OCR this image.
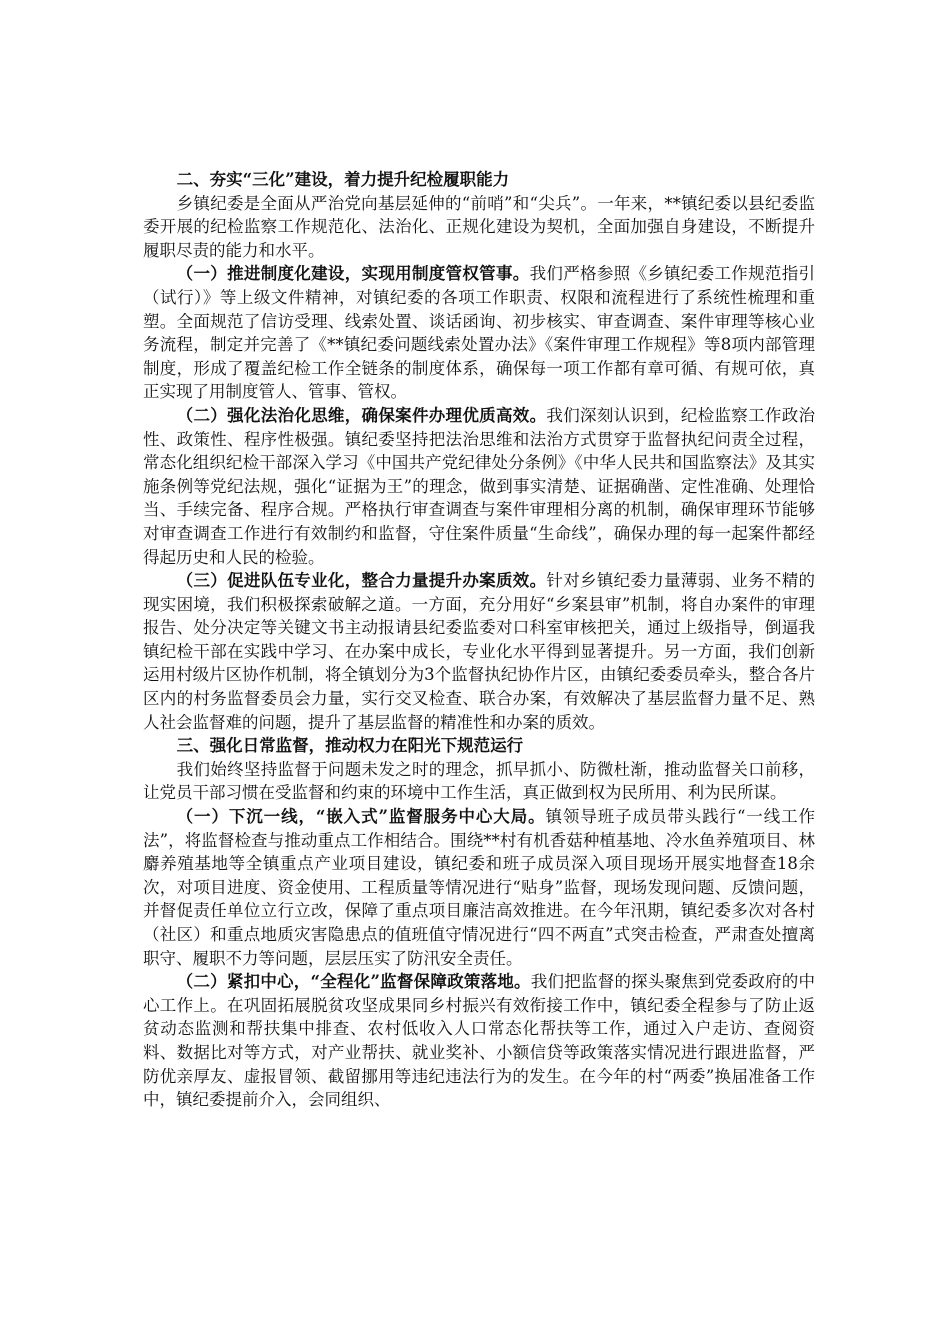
二、夯实“三化”建设，着力提升纪检履职能力

乡镇纪委是全面从严治党向基层延伸的“前哨”和“尖兵”。一年来，**镇纪委以县纪委监委开展的纪检监察工作规范化、法治化、正规化建设为契机，全面加强自身建设，不断提升履职尽责的能力和水平。

（一）推进制度化建设，实现用制度管权管事。我们严格参照《乡镇纪委工作规范指引（试行）》等上级文件精神，对镇纪委的各项工作职责、权限和流程进行了系统性梳理和重塑。全面规范了信访受理、线索处置、谈话函询、初步核实、审查调查、案件审理等核心业务流程，制定并完善了《**镇纪委问题线索处置办法》《案件审理工作规程》等8项内部管理制度，形成了覆盖纪检工作全链条的制度体系，确保每一项工作都有章可循、有规可依，真正实现了用制度管人、管事、管权。

（二）强化法治化思维，确保案件办理优质高效。我们深刻认识到，纪检监察工作政治性、政策性、程序性极强。镇纪委坚持把法治思维和法治方式贯穿于监督执纪问责全过程，常态化组织纪检干部深入学习《中国共产党纪律处分条例》《中华人民共和国监察法》及其实施条例等党纪法规，强化“证据为王”的理念，做到事实清楚、证据确凿、定性准确、处理恰当、手续完备、程序合规。严格执行审查调查与案件审理相分离的机制，确保审理环节能够对审查调查工作进行有效制约和监督，守住案件质量“生命线”，确保办理的每一起案件都经得起历史和人民的检验。

（三）促进队伍专业化，整合力量提升办案质效。针对乡镇纪委力量薄弱、业务不精的现实困境，我们积极探索破解之道。一方面，充分用好“乡案县审”机制，将自办案件的审理报告、处分决定等关键文书主动报请县纪委监委对口科室审核把关，通过上级指导，倒逼我镇纪检干部在实践中学习、在办案中成长，专业化水平得到显著提升。另一方面，我们创新运用村级片区协作机制，将全镇划分为3个监督执纪协作片区，由镇纪委委员牵头，整合各片区内的村务监督委员会力量，实行交叉检查、联合办案，有效解决了基层监督力量不足、熟人社会监督难的问题，提升了基层监督的精准性和办案的质效。

三、强化日常监督，推动权力在阳光下规范运行

我们始终坚持监督于问题未发之时的理念，抓早抓小、防微杜渐，推动监督关口前移，让党员干部习惯在受监督和约束的环境中工作生活，真正做到权为民所用、利为民所谋。

（一）下沉一线，“嵌入式”监督服务中心大局。镇领导班子成员带头践行“一线工作法”，将监督检查与推动重点工作相结合。围绕**村有机香菇种植基地、冷水鱼养殖项目、林麝养殖基地等全镇重点产业项目建设，镇纪委和班子成员深入项目现场开展实地督查18余次，对项目进度、资金使用、工程质量等情况进行“贴身”监督，现场发现问题、反馈问题，并督促责任单位立行立改，保障了重点项目廉洁高效推进。在今年汛期，镇纪委多次对各村（社区）和重点地质灾害隐患点的值班值守情况进行“四不两直”式突击检查，严肃查处擅离职守、履职不力等问题，层层压实了防汛安全责任。

（二）紧扣中心，“全程化”监督保障政策落地。我们把监督的探头聚焦到党委政府的中心工作上。在巩固拓展脱贫攻坚成果同乡村振兴有效衔接工作中，镇纪委全程参与了防止返贫动态监测和帮扶集中排查、农村低收入人口常态化帮扶等工作，通过入户走访、查阅资料、数据比对等方式，对产业帮扶、就业奖补、小额信贷等政策落实情况进行跟进监督，严防优亲厚友、虚报冒领、截留挪用等违纪违法行为的发生。在今年的村“两委”换届准备工作中，镇纪委提前介入，会同组织、
